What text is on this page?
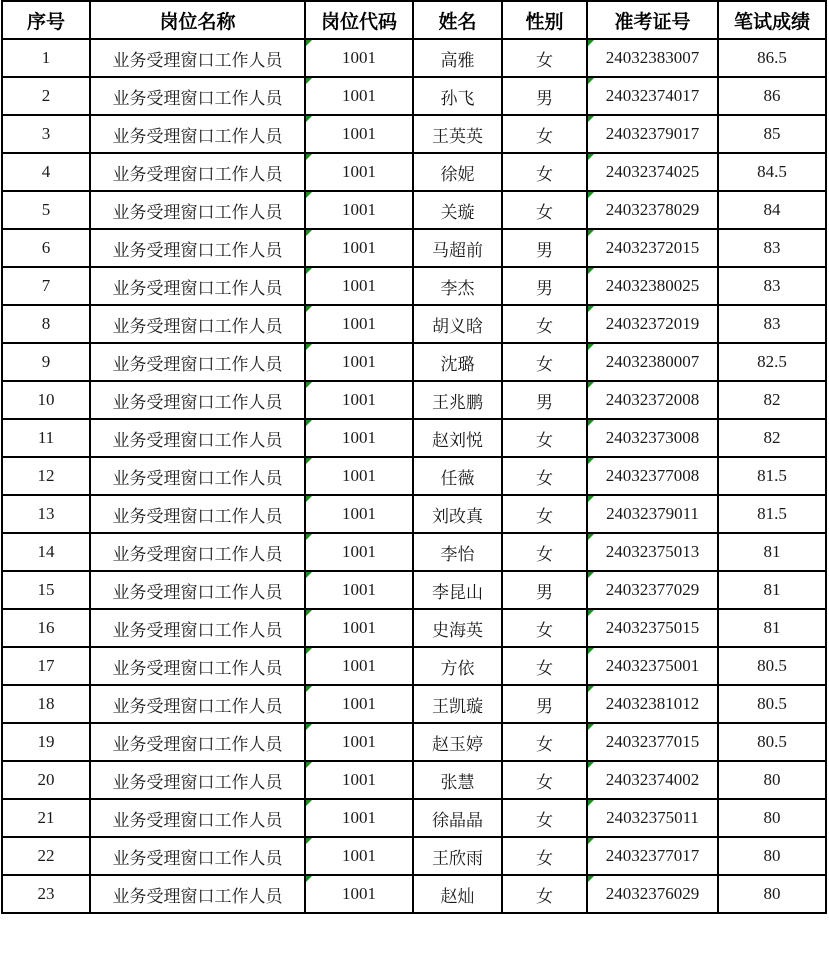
序号	岗位名称	岗位代码	姓名	性别	准考证号	笔试成绩
1	业务受理窗口工作人员	1001	高雅	女	24032383007	86.5
2	业务受理窗口工作人员	1001	孙飞	男	24032374017	86
3	业务受理窗口工作人员	1001	王英英	女	24032379017	85
4	业务受理窗口工作人员	1001	徐妮	女	24032374025	84.5
5	业务受理窗口工作人员	1001	关璇	女	24032378029	84
6	业务受理窗口工作人员	1001	马超前	男	24032372015	83
7	业务受理窗口工作人员	1001	李杰	男	24032380025	83
8	业务受理窗口工作人员	1001	胡义晗	女	24032372019	83
9	业务受理窗口工作人员	1001	沈璐	女	24032380007	82.5
10	业务受理窗口工作人员	1001	王兆鹏	男	24032372008	82
11	业务受理窗口工作人员	1001	赵刘悦	女	24032373008	82
12	业务受理窗口工作人员	1001	任薇	女	24032377008	81.5
13	业务受理窗口工作人员	1001	刘改真	女	24032379011	81.5
14	业务受理窗口工作人员	1001	李怡	女	24032375013	81
15	业务受理窗口工作人员	1001	李昆山	男	24032377029	81
16	业务受理窗口工作人员	1001	史海英	女	24032375015	81
17	业务受理窗口工作人员	1001	方依	女	24032375001	80.5
18	业务受理窗口工作人员	1001	王凯璇	男	24032381012	80.5
19	业务受理窗口工作人员	1001	赵玉婷	女	24032377015	80.5
20	业务受理窗口工作人员	1001	张慧	女	24032374002	80
21	业务受理窗口工作人员	1001	徐晶晶	女	24032375011	80
22	业务受理窗口工作人员	1001	王欣雨	女	24032377017	80
23	业务受理窗口工作人员	1001	赵灿	女	24032376029	80
